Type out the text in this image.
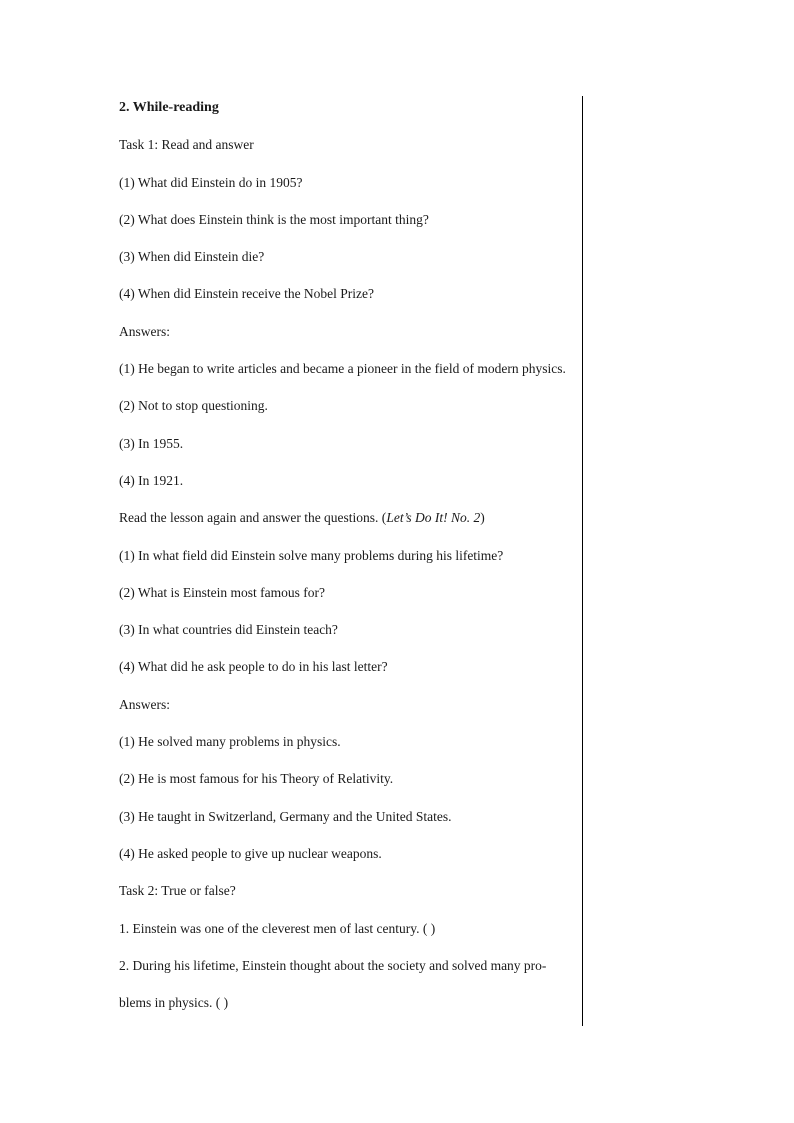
2. While-reading
Task 1: Read and answer
(1) What did Einstein do in 1905?
(2) What does Einstein think is the most important thing?
(3) When did Einstein die?
(4) When did Einstein receive the Nobel Prize?
Answers:
(1) He began to write articles and became a pioneer in the field of modern physics.
(2) Not to stop questioning.
(3) In 1955.
(4) In 1921.
Read the lesson again and answer the questions. (Let’s Do It! No. 2)
(1) In what field did Einstein solve many problems during his lifetime?
(2) What is Einstein most famous for?
(3) In what countries did Einstein teach?
(4) What did he ask people to do in his last letter?
Answers:
(1) He solved many problems in physics.
(2) He is most famous for his Theory of Relativity.
(3) He taught in Switzerland, Germany and the United States.
(4) He asked people to give up nuclear weapons.
Task 2: True or false?
1. Einstein was one of the cleverest men of last century. ( )
2. During his lifetime, Einstein thought about the society and solved many pro-
blems in physics. ( )
